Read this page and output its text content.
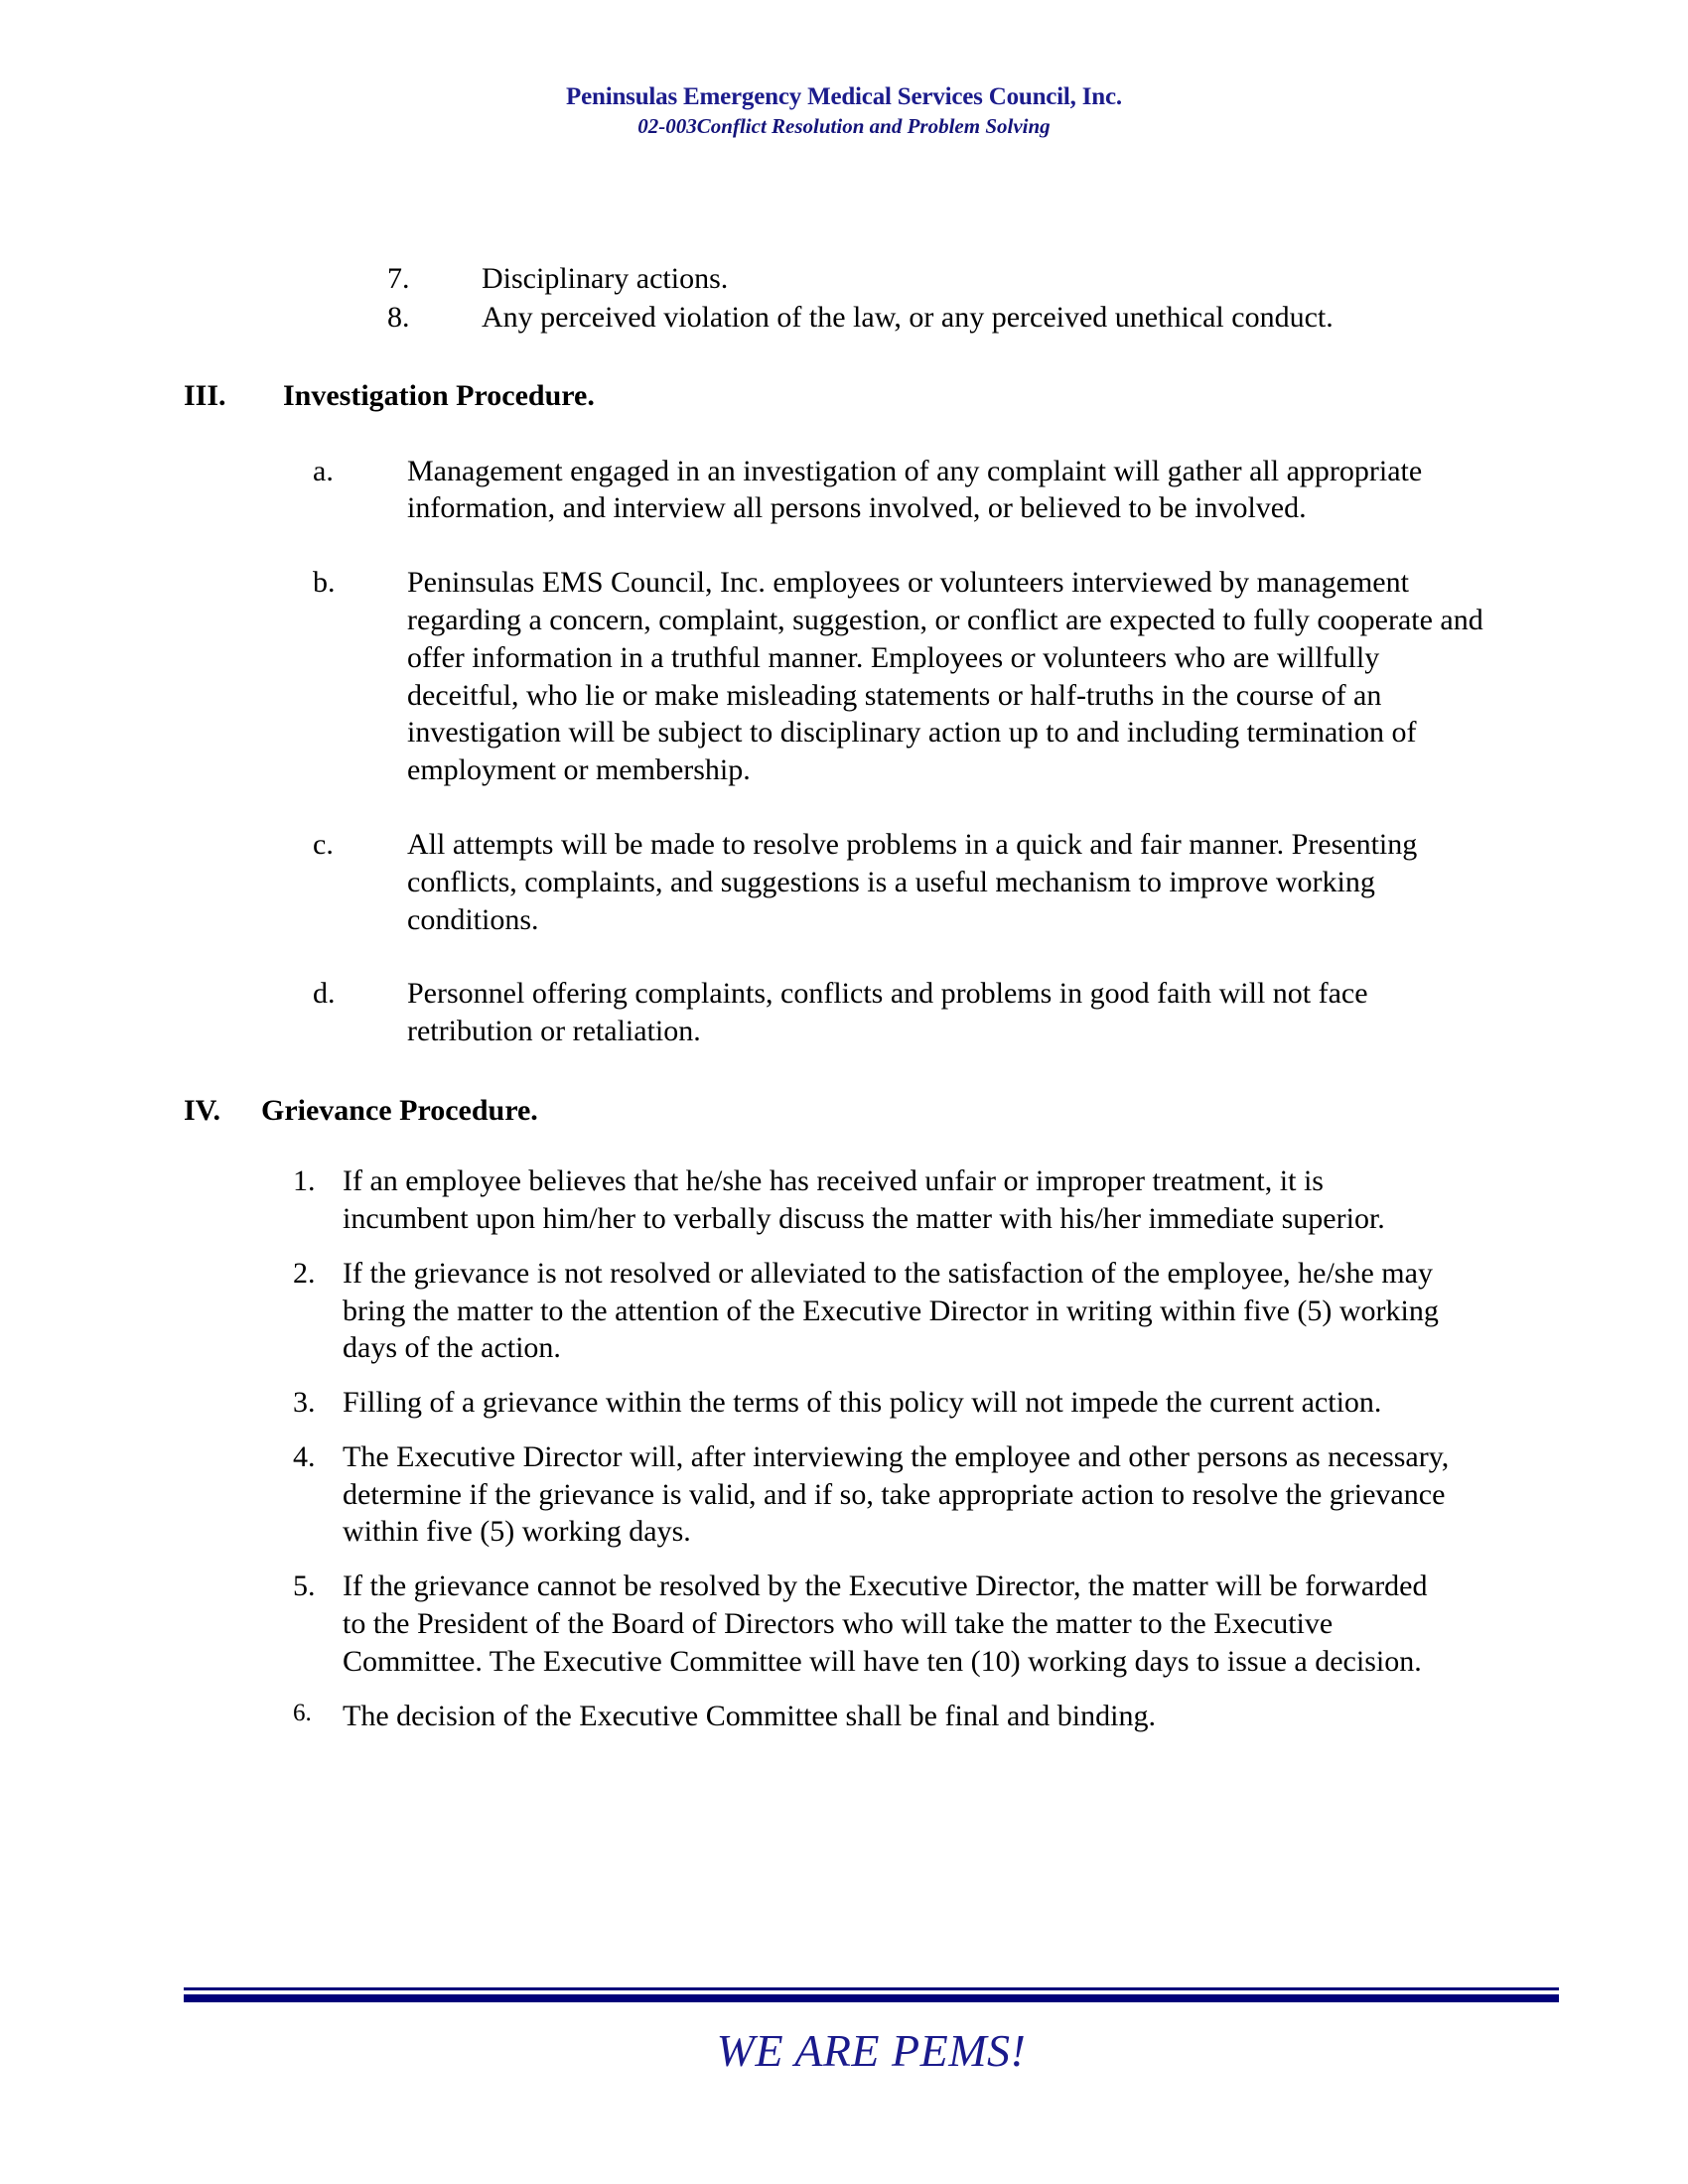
Peninsulas Emergency Medical Services Council, Inc.
02-003Conflict Resolution and Problem Solving
7.	Disciplinary actions.
8.	Any perceived violation of the law, or any perceived unethical conduct.
III.	Investigation Procedure.
a.	Management engaged in an investigation of any complaint will gather all appropriate information, and interview all persons involved, or believed to be involved.
b.	Peninsulas EMS Council, Inc. employees or volunteers interviewed by management regarding a concern, complaint, suggestion, or conflict are expected to fully cooperate and offer information in a truthful manner. Employees or volunteers who are willfully deceitful, who lie or make misleading statements or half-truths in the course of an investigation will be subject to disciplinary action up to and including termination of employment or membership.
c.	All attempts will be made to resolve problems in a quick and fair manner. Presenting conflicts, complaints, and suggestions is a useful mechanism to improve working conditions.
d.	Personnel offering complaints, conflicts and problems in good faith will not face retribution or retaliation.
IV.	Grievance Procedure.
1. If an employee believes that he/she has received unfair or improper treatment, it is incumbent upon him/her to verbally discuss the matter with his/her immediate superior.
2. If the grievance is not resolved or alleviated to the satisfaction of the employee, he/she may bring the matter to the attention of the Executive Director in writing within five (5) working days of the action.
3. Filling of a grievance within the terms of this policy will not impede the current action.
4. The Executive Director will, after interviewing the employee and other persons as necessary, determine if the grievance is valid, and if so, take appropriate action to resolve the grievance within five (5) working days.
5. If the grievance cannot be resolved by the Executive Director, the matter will be forwarded to the President of the Board of Directors who will take the matter to the Executive Committee. The Executive Committee will have ten (10) working days to issue a decision.
6.	The decision of the Executive Committee shall be final and binding.
WE ARE PEMS!
